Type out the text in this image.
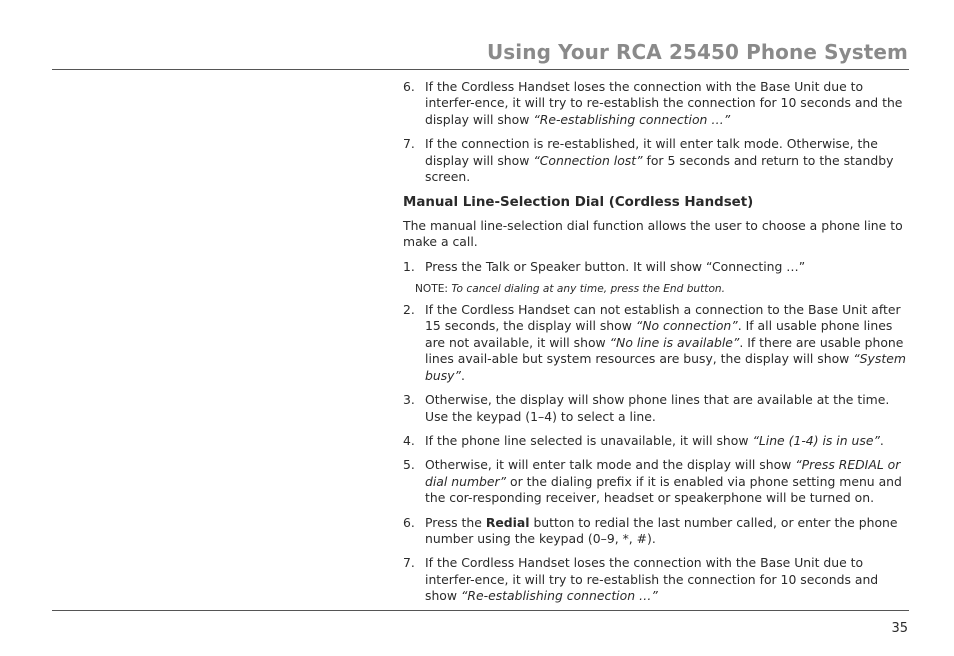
Using Your RCA 25450 Phone System
6. If the Cordless Handset loses the connection with the Base Unit due to interfer-ence, it will try to re-establish the connection for 10 seconds and the display will show “Re-establishing connection …”
7. If the connection is re-established, it will enter talk mode. Otherwise, the display will show “Connection lost” for 5 seconds and return to the standby screen.
Manual Line-Selection Dial (Cordless Handset)
The manual line-selection dial function allows the user to choose a phone line to make a call.
1. Press the Talk or Speaker button. It will show “Connecting …”
NOTE: To cancel dialing at any time, press the End button.
2. If the Cordless Handset can not establish a connection to the Base Unit after 15 seconds, the display will show “No connection”. If all usable phone lines are not available, it will show “No line is available”. If there are usable phone lines avail-able but system resources are busy, the display will show “System busy”.
3. Otherwise, the display will show phone lines that are available at the time. Use the keypad (1–4) to select a line.
4. If the phone line selected is unavailable, it will show “Line (1-4) is in use”.
5. Otherwise, it will enter talk mode and the display will show “Press REDIAL or dial number” or the dialing prefix if it is enabled via phone setting menu and the cor-responding receiver, headset or speakerphone will be turned on.
6. Press the Redial button to redial the last number called, or enter the phone number using the keypad (0–9, *, #).
7. If the Cordless Handset loses the connection with the Base Unit due to interfer-ence, it will try to re-establish the connection for 10 seconds and show “Re-establishing connection …”
35
